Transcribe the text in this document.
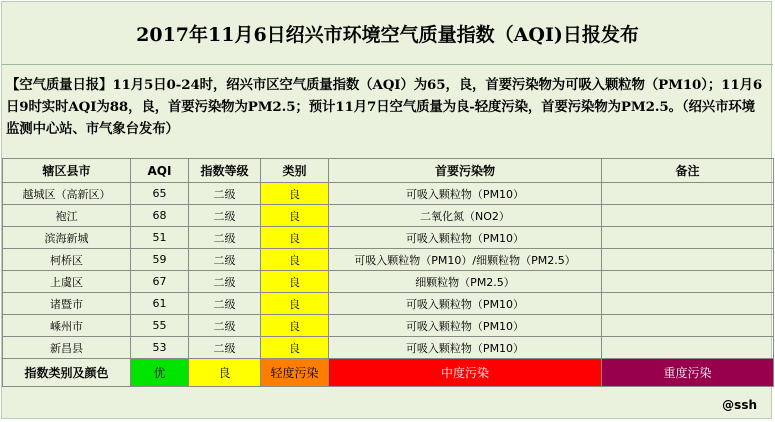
2017年11月6日绍兴市环境空气质量指数（AQI)日报发布
【空气质量日报】11月5日0-24时，绍兴市区空气质量指数（AQI）为65，良，首要污染物为可吸入颗粒物（PM10）；11月6日9时实时AQI为88，良，首要污染物为PM2.5；预计11月7日空气质量为良-轻度污染，首要污染物为PM2.5。（绍兴市环境监测中心站、市气象台发布）
辖区县市	AQI	指数等级	类别	首要污染物	备注	
越城区（高新区）	65	二级	良	可吸入颗粒物（PM10）		
袍江	68	二级	良	二氧化氮（NO2）		
滨海新城	51	二级	良	可吸入颗粒物（PM10）		
柯桥区	59	二级	良	可吸入颗粒物（PM10）/细颗粒物（PM2.5）		
上虞区	67	二级	良	细颗粒物（PM2.5）		
诸暨市	61	二级	良	可吸入颗粒物（PM10）		
嵊州市	55	二级	良	可吸入颗粒物（PM10）		
新昌县	53	二级	良	可吸入颗粒物（PM10）		
指数类别及颜色	优	良	轻度污染	中度污染	重度污染	
@ssh
